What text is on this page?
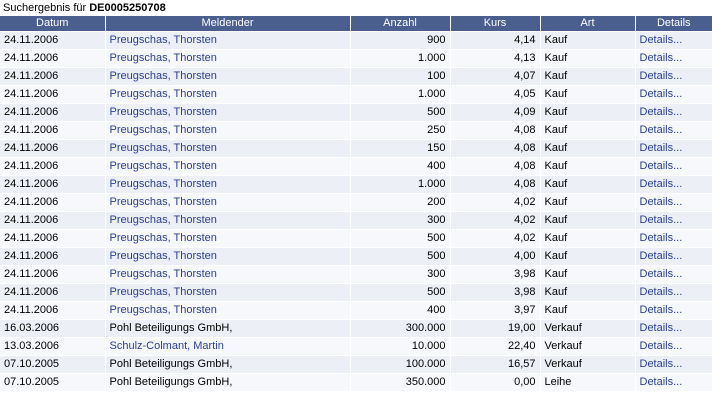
Suchergebnis für DE0005250708
Datum	Meldender	Anzahl	Kurs	Art	Details
24.11.2006	Preugschas, Thorsten	900	4,14	Kauf	Details...
24.11.2006	Preugschas, Thorsten	1.000	4,13	Kauf	Details...
24.11.2006	Preugschas, Thorsten	100	4,07	Kauf	Details...
24.11.2006	Preugschas, Thorsten	1.000	4,05	Kauf	Details...
24.11.2006	Preugschas, Thorsten	500	4,09	Kauf	Details...
24.11.2006	Preugschas, Thorsten	250	4,08	Kauf	Details...
24.11.2006	Preugschas, Thorsten	150	4,08	Kauf	Details...
24.11.2006	Preugschas, Thorsten	400	4,08	Kauf	Details...
24.11.2006	Preugschas, Thorsten	1.000	4,08	Kauf	Details...
24.11.2006	Preugschas, Thorsten	200	4,02	Kauf	Details...
24.11.2006	Preugschas, Thorsten	300	4,02	Kauf	Details...
24.11.2006	Preugschas, Thorsten	500	4,02	Kauf	Details...
24.11.2006	Preugschas, Thorsten	500	4,00	Kauf	Details...
24.11.2006	Preugschas, Thorsten	300	3,98	Kauf	Details...
24.11.2006	Preugschas, Thorsten	500	3,98	Kauf	Details...
24.11.2006	Preugschas, Thorsten	400	3,97	Kauf	Details...
16.03.2006	Pohl Beteiligungs GmbH,	300.000	19,00	Verkauf	Details...
13.03.2006	Schulz-Colmant, Martin	10.000	22,40	Verkauf	Details...
07.10.2005	Pohl Beteiligungs GmbH,	100.000	16,57	Verkauf	Details...
07.10.2005	Pohl Beteiligungs GmbH,	350.000	0,00	Leihe	Details...
